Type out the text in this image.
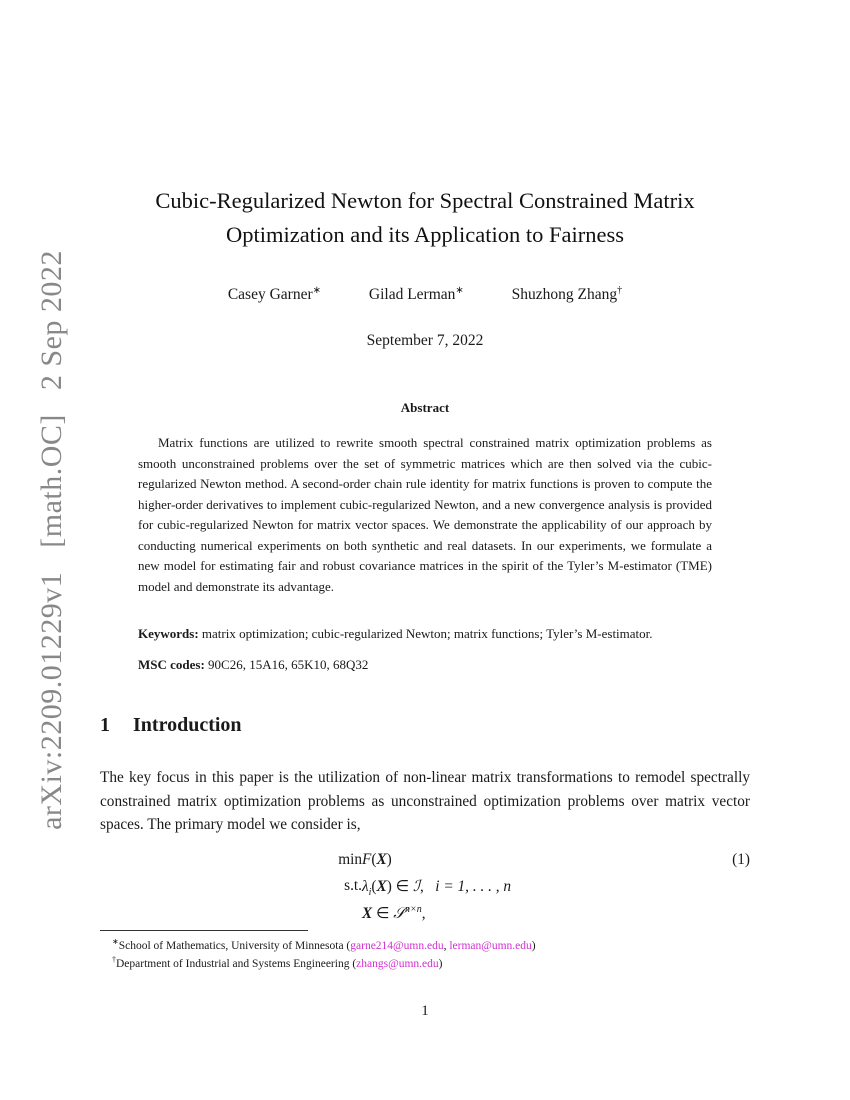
arXiv:2209.01229v1 [math.OC] 2 Sep 2022
Cubic-Regularized Newton for Spectral Constrained Matrix
Optimization and its Application to Fairness
Casey Garner∗	Gilad Lerman∗	Shuzhong Zhang†
September 7, 2022
Abstract
Matrix functions are utilized to rewrite smooth spectral constrained matrix optimization problems as smooth unconstrained problems over the set of symmetric matrices which are then solved via the cubic-regularized Newton method. A second-order chain rule identity for matrix functions is proven to compute the higher-order derivatives to implement cubic-regularized Newton, and a new convergence analysis is provided for cubic-regularized Newton for matrix vector spaces. We demonstrate the applicability of our approach by conducting numerical experiments on both synthetic and real datasets. In our experiments, we formulate a new model for estimating fair and robust covariance matrices in the spirit of the Tyler’s M-estimator (TME) model and demonstrate its advantage.
Keywords: matrix optimization; cubic-regularized Newton; matrix functions; Tyler’s M-estimator.
MSC codes: 90C26, 15A16, 65K10, 68Q32
1 Introduction
The key focus in this paper is the utilization of non-linear matrix transformations to remodel spectrally constrained matrix optimization problems as unconstrained optimization problems over matrix vector spaces. The primary model we consider is,
min F(X)
s.t. $\lambda_i(X)$ ∈ ℐ,   i = 1, . . . , n
X ∈ 𝒮$^{n\times n}$,
(1)
∗School of Mathematics, University of Minnesota (garne214@umn.edu, lerman@umn.edu)
†Department of Industrial and Systems Engineering (zhangs@umn.edu)
1
